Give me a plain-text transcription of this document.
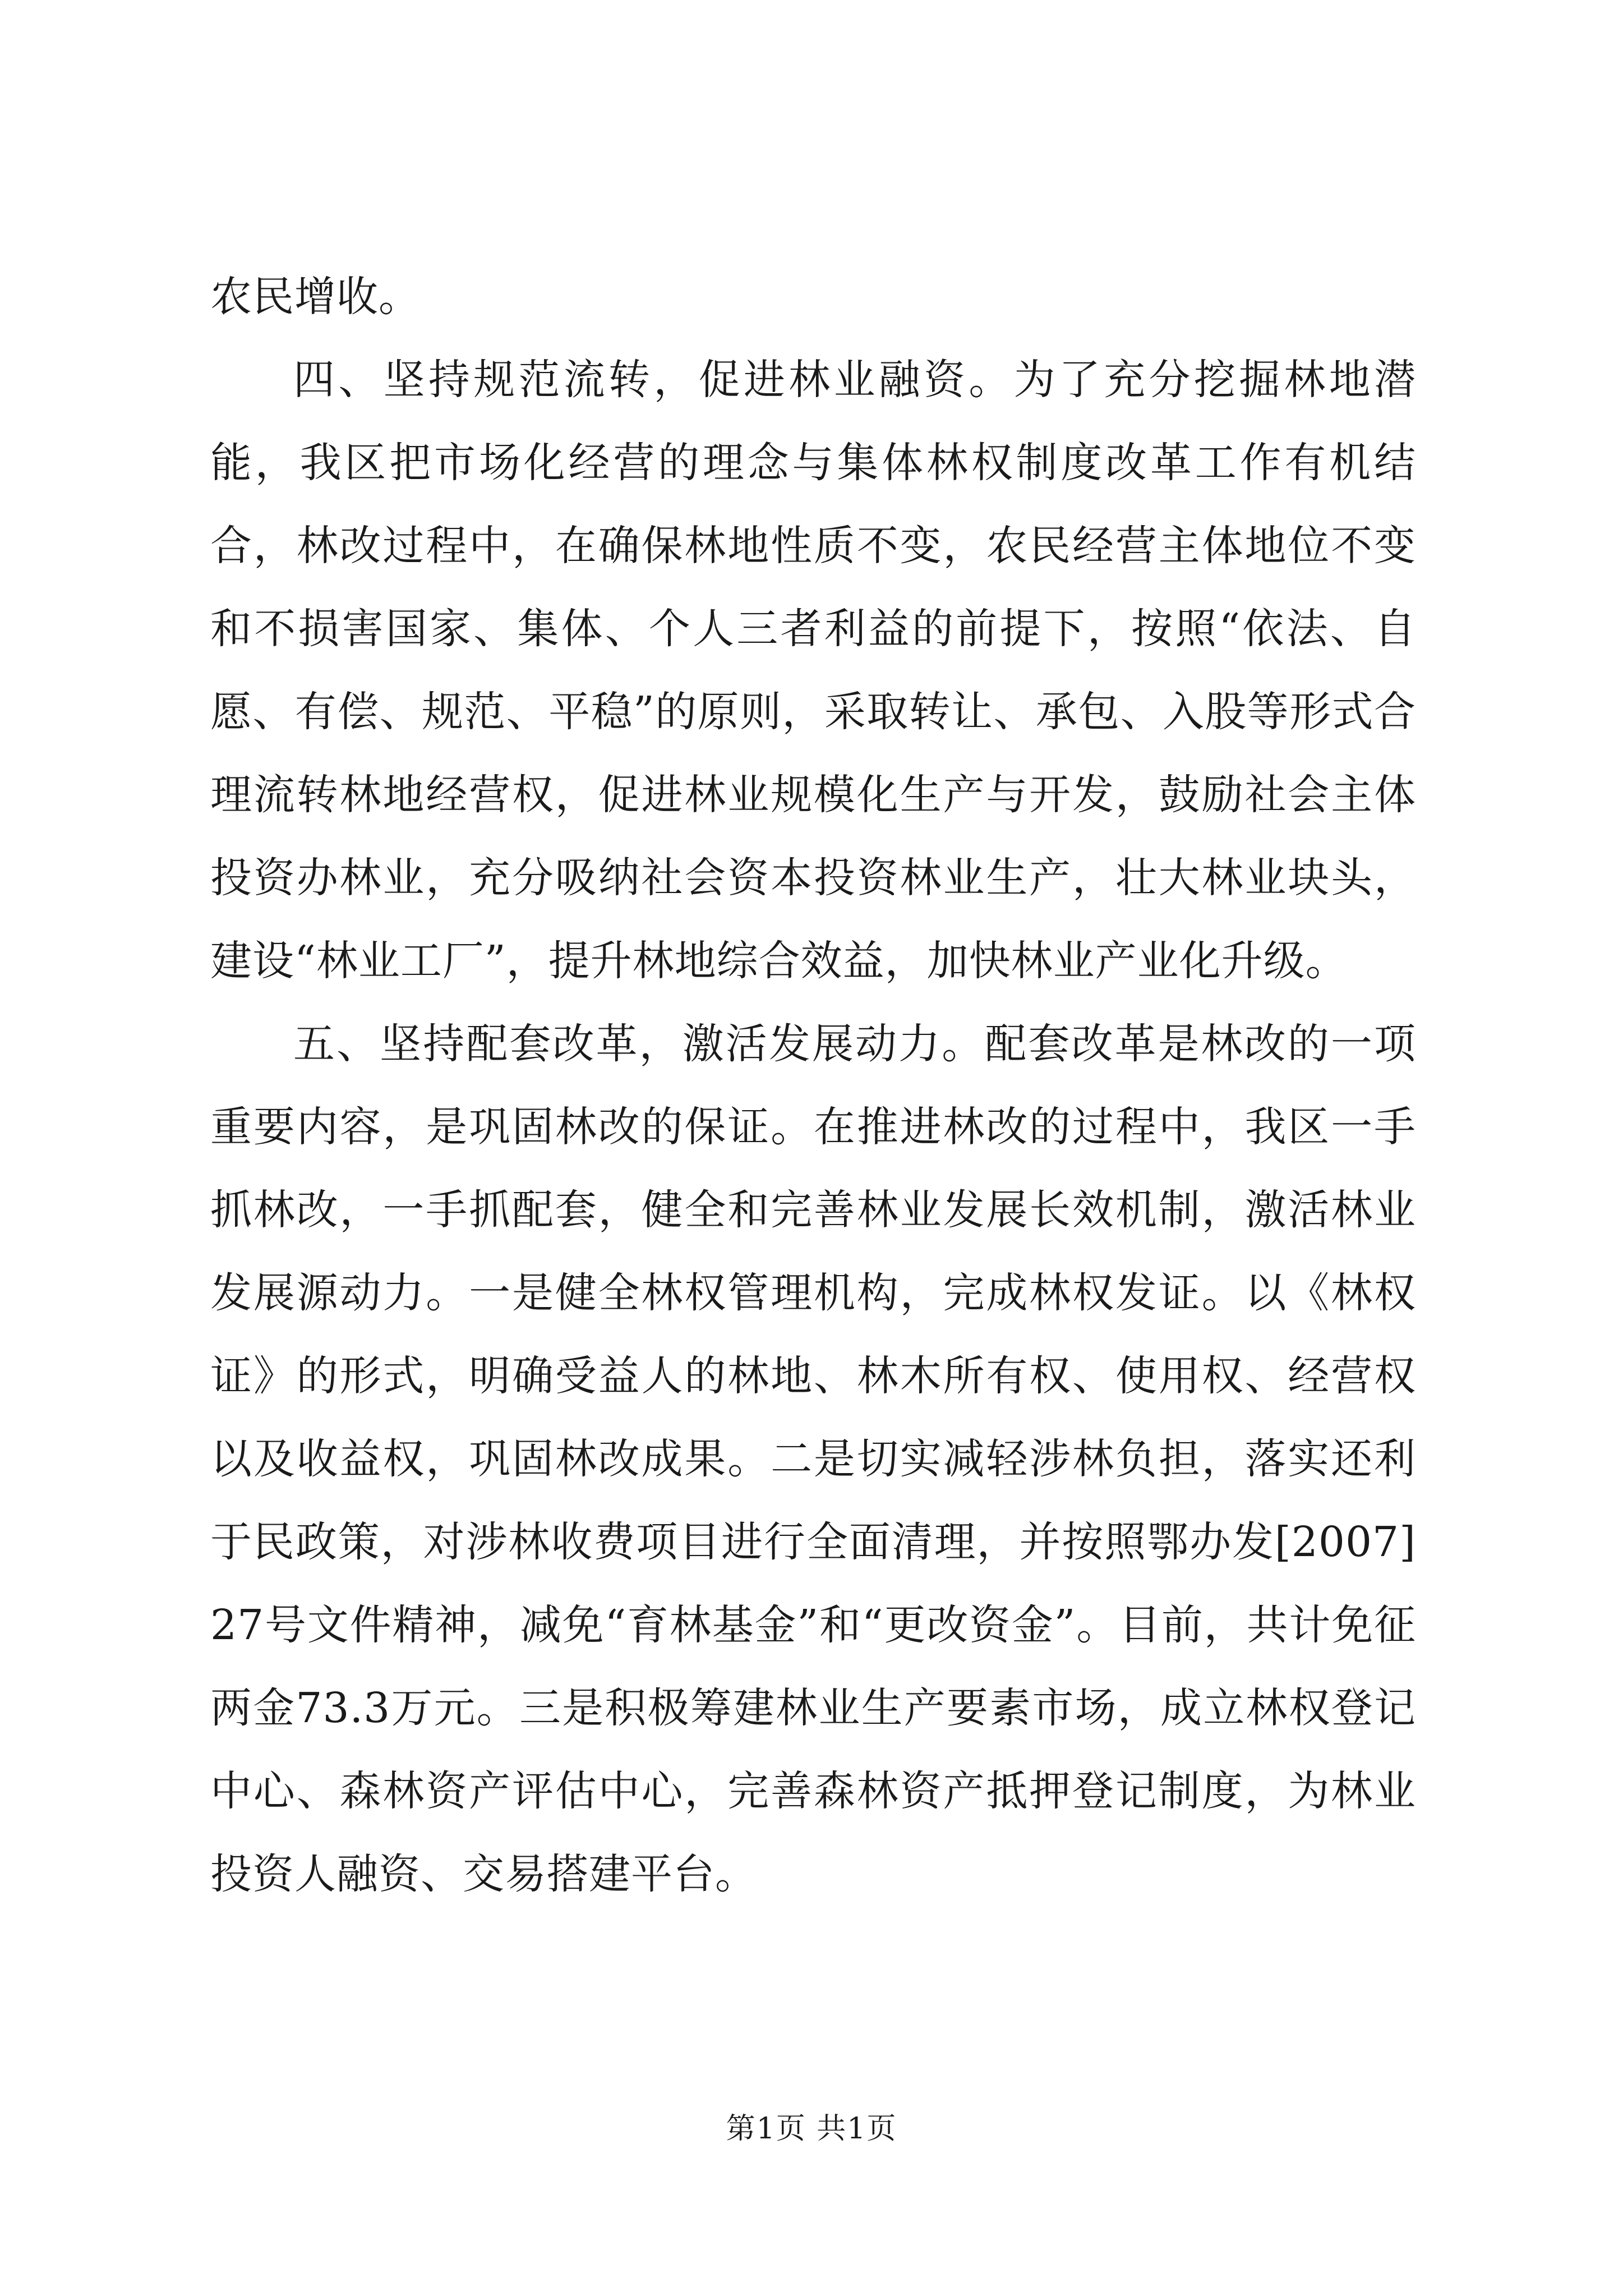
农民增收。

四、坚持规范流转，促进林业融资。为了充分挖掘林地潜能，我区把市场化经营的理念与集体林权制度改革工作有机结合，林改过程中，在确保林地性质不变，农民经营主体地位不变和不损害国家、集体、个人三者利益的前提下，按照“依法、自愿、有偿、规范、平稳”的原则，采取转让、承包、入股等形式合理流转林地经营权，促进林业规模化生产与开发，鼓励社会主体投资办林业，充分吸纳社会资本投资林业生产，壮大林业块头，建设“林业工厂”，提升林地综合效益，加快林业产业化升级。

五、坚持配套改革，激活发展动力。配套改革是林改的一项重要内容，是巩固林改的保证。在推进林改的过程中，我区一手抓林改，一手抓配套，健全和完善林业发展长效机制，激活林业发展源动力。一是健全林权管理机构，完成林权发证。以《林权证》的形式，明确受益人的林地、林木所有权、使用权、经营权以及收益权，巩固林改成果。二是切实减轻涉林负担，落实还利于民政策，对涉林收费项目进行全面清理，并按照鄂办发[2007]27号文件精神，减免“育林基金”和“更改资金”。目前，共计免征两金73.3万元。三是积极筹建林业生产要素市场，成立林权登记中心、森林资产评估中心，完善森林资产抵押登记制度，为林业投资人融资、交易搭建平台。

第1页 共1页
